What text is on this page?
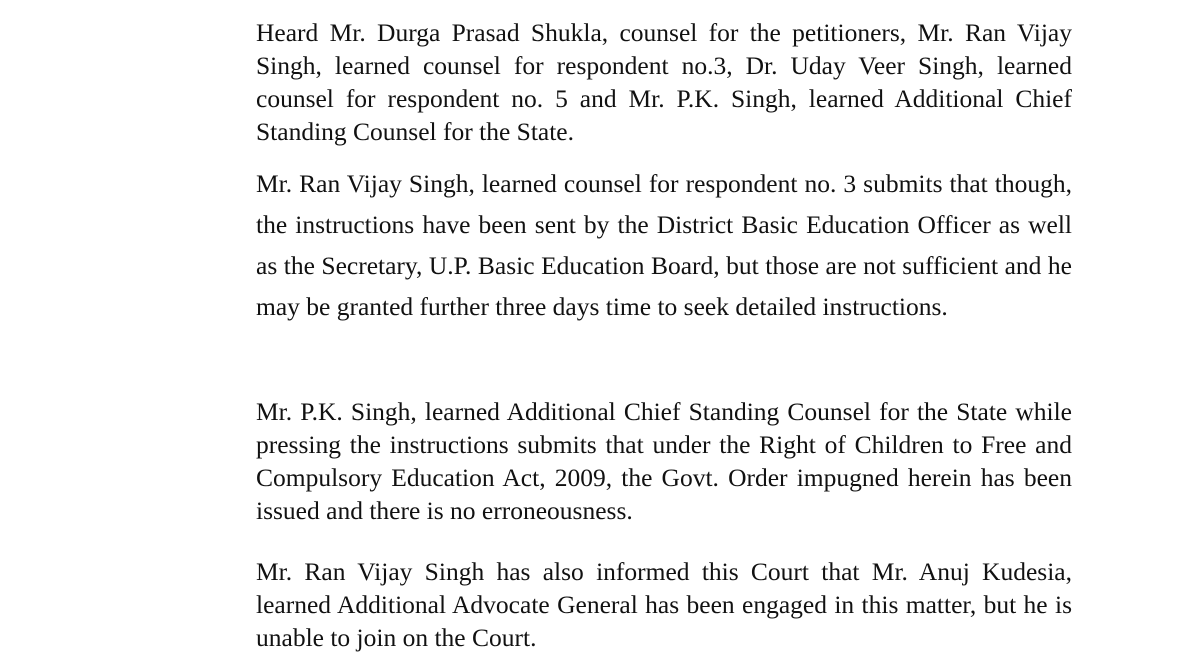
Heard Mr. Durga Prasad Shukla, counsel for the petitioners, Mr. Ran Vijay Singh, learned counsel for respondent no.3, Dr. Uday Veer Singh, learned counsel for respondent no. 5 and Mr. P.K. Singh, learned Additional Chief Standing Counsel for the State.

Mr. Ran Vijay Singh, learned counsel for respondent no. 3 submits that though, the instructions have been sent by the District Basic Education Officer as well as the Secretary, U.P. Basic Education Board, but those are not sufficient and he may be granted further three days time to seek detailed instructions.

Mr. P.K. Singh, learned Additional Chief Standing Counsel for the State while pressing the instructions submits that under the Right of Children to Free and Compulsory Education Act, 2009, the Govt. Order impugned herein has been issued and there is no erroneousness.

Mr. Ran Vijay Singh has also informed this Court that Mr. Anuj Kudesia, learned Additional Advocate General has been engaged in this matter, but he is unable to join on the Court.
